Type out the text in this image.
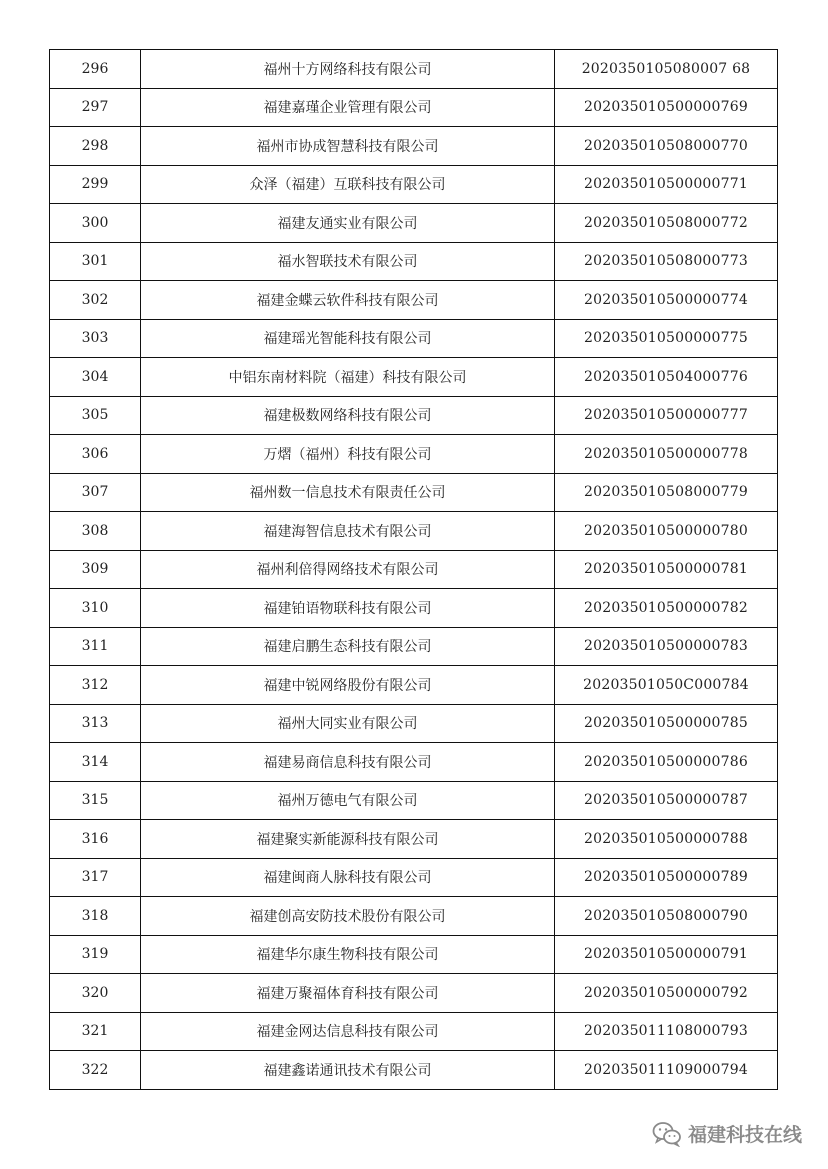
296	福州十方网络科技有限公司	2020350105080007 68
297	福建嘉瑾企业管理有限公司	202035010500000769
298	福州市协成智慧科技有限公司	202035010508000770
299	众泽（福建）互联科技有限公司	202035010500000771
300	福建友通实业有限公司	202035010508000772
301	福水智联技术有限公司	202035010508000773
302	福建金蝶云软件科技有限公司	202035010500000774
303	福建瑶光智能科技有限公司	202035010500000775
304	中铝东南材料院（福建）科技有限公司	202035010504000776
305	福建极数网络科技有限公司	202035010500000777
306	万熠（福州）科技有限公司	202035010500000778
307	福州数一信息技术有限责任公司	202035010508000779
308	福建海智信息技术有限公司	202035010500000780
309	福州利倍得网络技术有限公司	202035010500000781
310	福建铂语物联科技有限公司	202035010500000782
311	福建启鹏生态科技有限公司	202035010500000783
312	福建中锐网络股份有限公司	20203501050C000784
313	福州大同实业有限公司	202035010500000785
314	福建易商信息科技有限公司	202035010500000786
315	福州万德电气有限公司	202035010500000787
316	福建聚实新能源科技有限公司	202035010500000788
317	福建闽商人脉科技有限公司	202035010500000789
318	福建创高安防技术股份有限公司	202035010508000790
319	福建华尔康生物科技有限公司	202035010500000791
320	福建万聚福体育科技有限公司	202035010500000792
321	福建金网达信息科技有限公司	202035011108000793
322	福建鑫诺通讯技术有限公司	202035011109000794
福建科技在线
